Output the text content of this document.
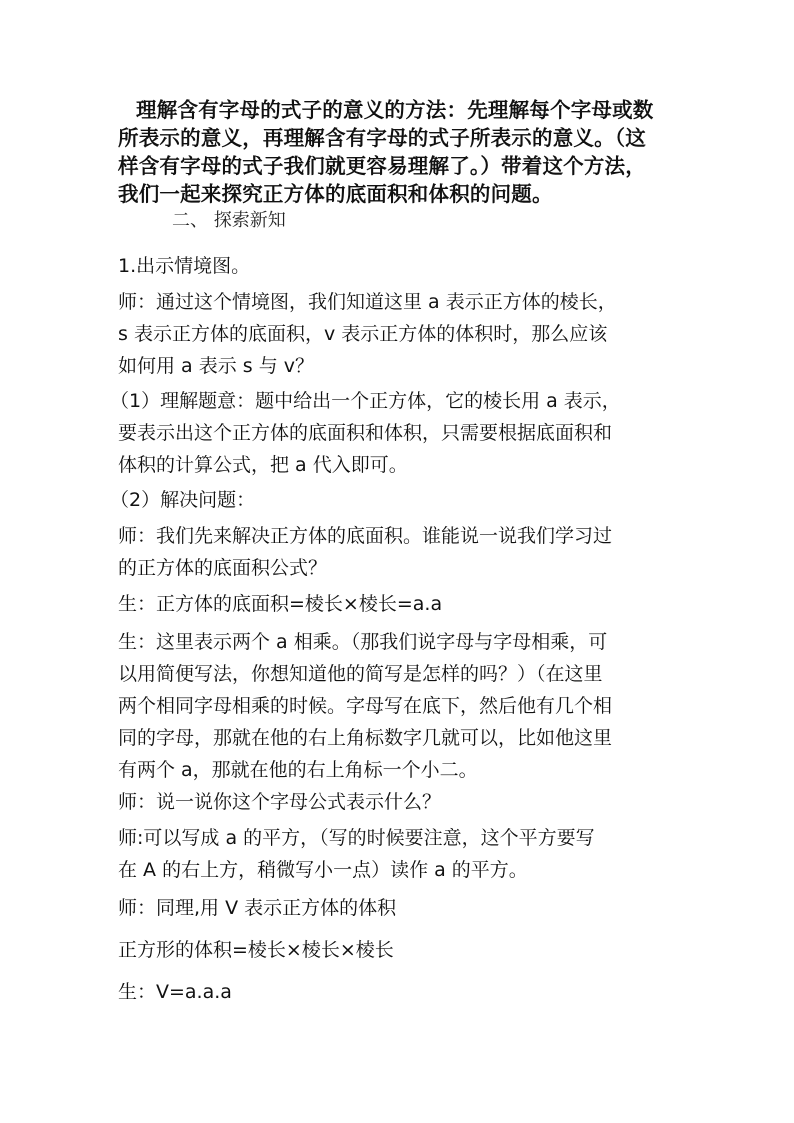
理解含有字母的式子的意义的方法：先理解每个字母或数
所表示的意义，再理解含有字母的式子所表示的意义。（这
样含有字母的式子我们就更容易理解了。）带着这个方法，
我们一起来探究正方体的底面积和体积的问题。
二、 探索新知
1.出示情境图。
师：通过这个情境图，我们知道这里 a 表示正方体的棱长，
s 表示正方体的底面积，v 表示正方体的体积时，那么应该
如何用 a 表示 s 与 v？
（1）理解题意：题中给出一个正方体，它的棱长用 a 表示，
要表示出这个正方体的底面积和体积，只需要根据底面积和
体积的计算公式，把 a 代入即可。
（2）解决问题：
师：我们先来解决正方体的底面积。谁能说一说我们学习过
的正方体的底面积公式？
生：正方体的底面积=棱长×棱长=a.a
生：这里表示两个 a 相乘。（那我们说字母与字母相乘，可
以用简便写法，你想知道他的简写是怎样的吗？）（在这里
两个相同字母相乘的时候。字母写在底下，然后他有几个相
同的字母，那就在他的右上角标数字几就可以，比如他这里
有两个 a，那就在他的右上角标一个小二。
师：说一说你这个字母公式表示什么？
师:可以写成 a 的平方，（写的时候要注意，这个平方要写
在 A 的右上方，稍微写小一点）读作 a 的平方。
师：同理,用 V 表示正方体的体积
正方形的体积=棱长×棱长×棱长
生：V=a.a.a
